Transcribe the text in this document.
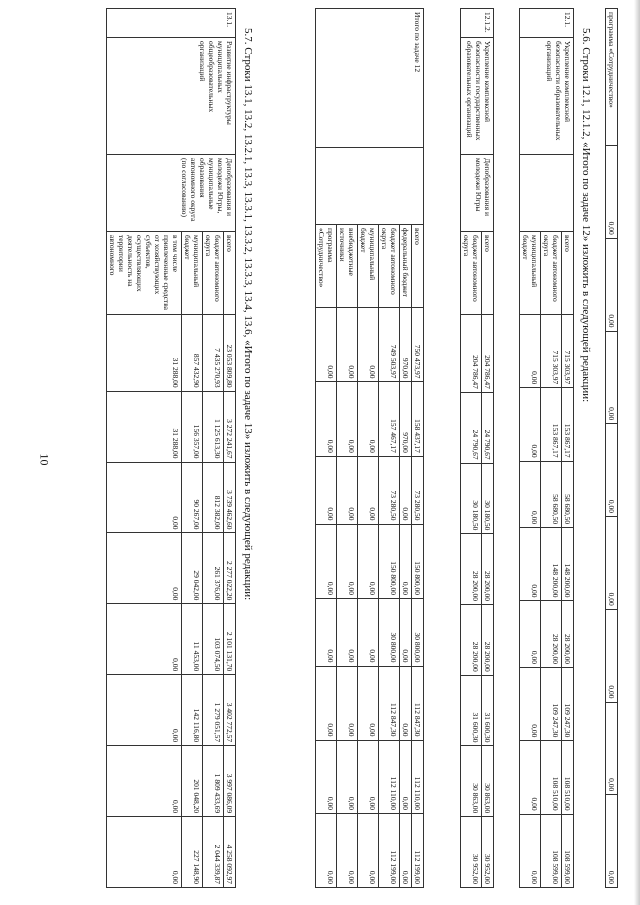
10
программа «Сотрудничество»	0,00	0,00	0,00	0,00	0,00	0,00	0,00	0,00
5.6. Строки 12.1, 12.1.2, «Итого по задаче 12» изложить в следующей редакции:
12.1.	Укрепление комплексной безопасности образовательных организаций		всего	715 303,97	153 867,17	58 680,50	148 200,00	28 200,00	109 247,30	108 510,00	108 599,00
			бюджет автономного округа	715 303,97	153 867,17	58 680,50	148 200,00	28 200,00	109 247,30	108 510,00	108 599,00
			муниципальный бюджет	0,00	0,00	0,00	0,00	0,00	0,00	0,00	0,00
12.1.2.	Укрепление комплексной безопасности государственных образовательных организаций	Депобразования и молодежи Югры	всего	204 786,47	24 790,67	30 180,50	28 200,00	28 200,00	31 600,30	30 863,00	30 952,00
			бюджет автономного округа	204 786,47	24 790,67	30 180,50	28 200,00	28 200,00	31 600,30	30 863,00	30 952,00
Итого по задаче 12		всего	750 473,97	158 437,17	73 280,50	150 800,00	30 800,00	112 847,30	112 110,00	112 199,00
		федеральный бюджет	970,00	970,00	0,00	0,00	0,00	0,00	0,00	0,00
		бюджет автономного округа	749 503,97	157 467,17	73 280,50	150 800,00	30 800,00	112 847,30	112 110,00	112 199,00
		муниципальный бюджет	0,00	0,00	0,00	0,00	0,00	0,00	0,00	0,00
		внебюджетные источники	0,00	0,00	0,00	0,00	0,00	0,00	0,00	0,00
		программа «Сотрудничество»	0,00	0,00	0,00	0,00	0,00	0,00	0,00	0,00
5.7. Строки 13.1, 13.2, 13.2.1, 13.3, 13.3.1, 13.3.2, 13.3.3, 13.4, 13.6, «Итого по задаче 13» изложить в следующей редакции:
13.1.	Развитие инфраструктуры муниципальных общеобразовательных организаций	Депобразования и молодежи Югры, муниципальные образования автономного округа (по согласованию)	всего	23 053 809,80	3 272 241,67	3 739 462,60	2 277 022,20	2 101 131,70	3 402 772,57	3 997 086,09	4 258 092,97
			бюджет автономного округа	7 435 270,93	1 125 613,30	812 382,00	261 376,00	103 074,50	1 279 051,57	1 809 433,69	2 044 339,87
			муниципальный бюджет	857 432,90	156 357,00	90 267,00	29 042,00	11 453,00	142 116,80	201 048,20	227 148,90
			в том числе привлеченные средства от хозяйствующих субъектов, осуществляющих деятельность на территории автономного	31 288,00	31 288,00	0,00	0,00	0,00	0,00	0,00	0,00
